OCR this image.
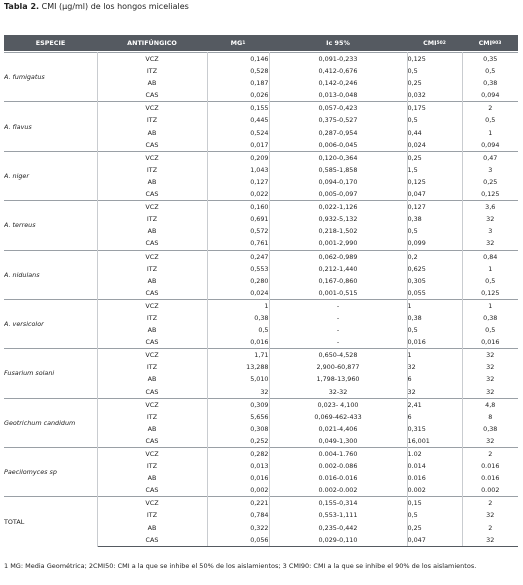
Tabla 2. CMI (µg/ml) de los hongos miceliales
ESPECIE	ANTIFÚNGICO	MG 1	Ic 95%	CMI 50 2	CMI 90 3
A. fumigatus	VCZ	0,146	0,091-0,233	0,125	0,35
	ITZ	0,528	0,412-0,676	0,5	0,5
	AB	0,187	0,142-0,246	0,25	0,38
	CAS	0,026	0,013-0,048	0,032	0,094
A. flavus	VCZ	0,155	0,057-0,423	0,175	2
	ITZ	0,445	0,375-0,527	0,5	0,5
	AB	0,524	0,287-0,954	0,44	1
	CAS	0,017	0,006-0,045	0,024	0,094
A. niger	VCZ	0,209	0,120-0,364	0,25	0,47
	ITZ	1,043	0,585-1,858	1,5	3
	AB	0,127	0,094-0,170	0,125	0,25
	CAS	0,022	0,005-0,097	0,047	0,125
A. terreus	VCZ	0,160	0,022-1,126	0,127	3,6
	ITZ	0,691	0,932-5,132	0,38	32
	AB	0,572	0,218-1,502	0,5	3
	CAS	0,761	0,001-2,990	0,099	32
A. nidulans	VCZ	0,247	0,062-0,989	0,2	0,84
	ITZ	0,553	0,212-1,440	0,625	1
	AB	0,280	0,167-0,860	0,305	0,5
	CAS	0,024	0,001-0,515	0,055	0,125
A. versicolor	VCZ	1	-	1	1
	ITZ	0,38	-	0,38	0,38
	AB	0,5	-	0,5	0,5
	CAS	0,016	-	0,016	0,016
Fusarium solani	VCZ	1,71	0,650-4,528	1	32
	ITZ	13,288	2,900-60,877	32	32
	AB	5,010	1,798-13,960	6	32
	CAS	32	32-32	32	32
Geotrichum candidum	VCZ	0,309	0,023- 4,100	2,41	4,8
	ITZ	5,656	0,069-462-433	6	8
	AB	0,308	0,021-4,406	0,315	0,38
	CAS	0,252	0,049-1,300	16,001	32
Paecilomyces sp	VCZ	0,282	0.004-1.760	1.02	2
	ITZ	0,013	0.002-0.086	0.014	0.016
	AB	0,016	0.016-0.016	0.016	0.016
	CAS	0,002	0.002-0.002	0.002	0.002
TOTAL	VCZ	0,221	0,155-0,314	0,15	2
	ITZ	0,784	0,553-1,111	0,5	32
	AB	0,322	0,235-0,442	0,25	2
	CAS	0,056	0,029-0,110	0,047	32
1 MG: Media Geométrica; 2CMI50: CMI a la que se inhibe el 50% de los aislamientos; 3 CMI90: CMI a la que se inhibe el 90% de los aislamientos.
